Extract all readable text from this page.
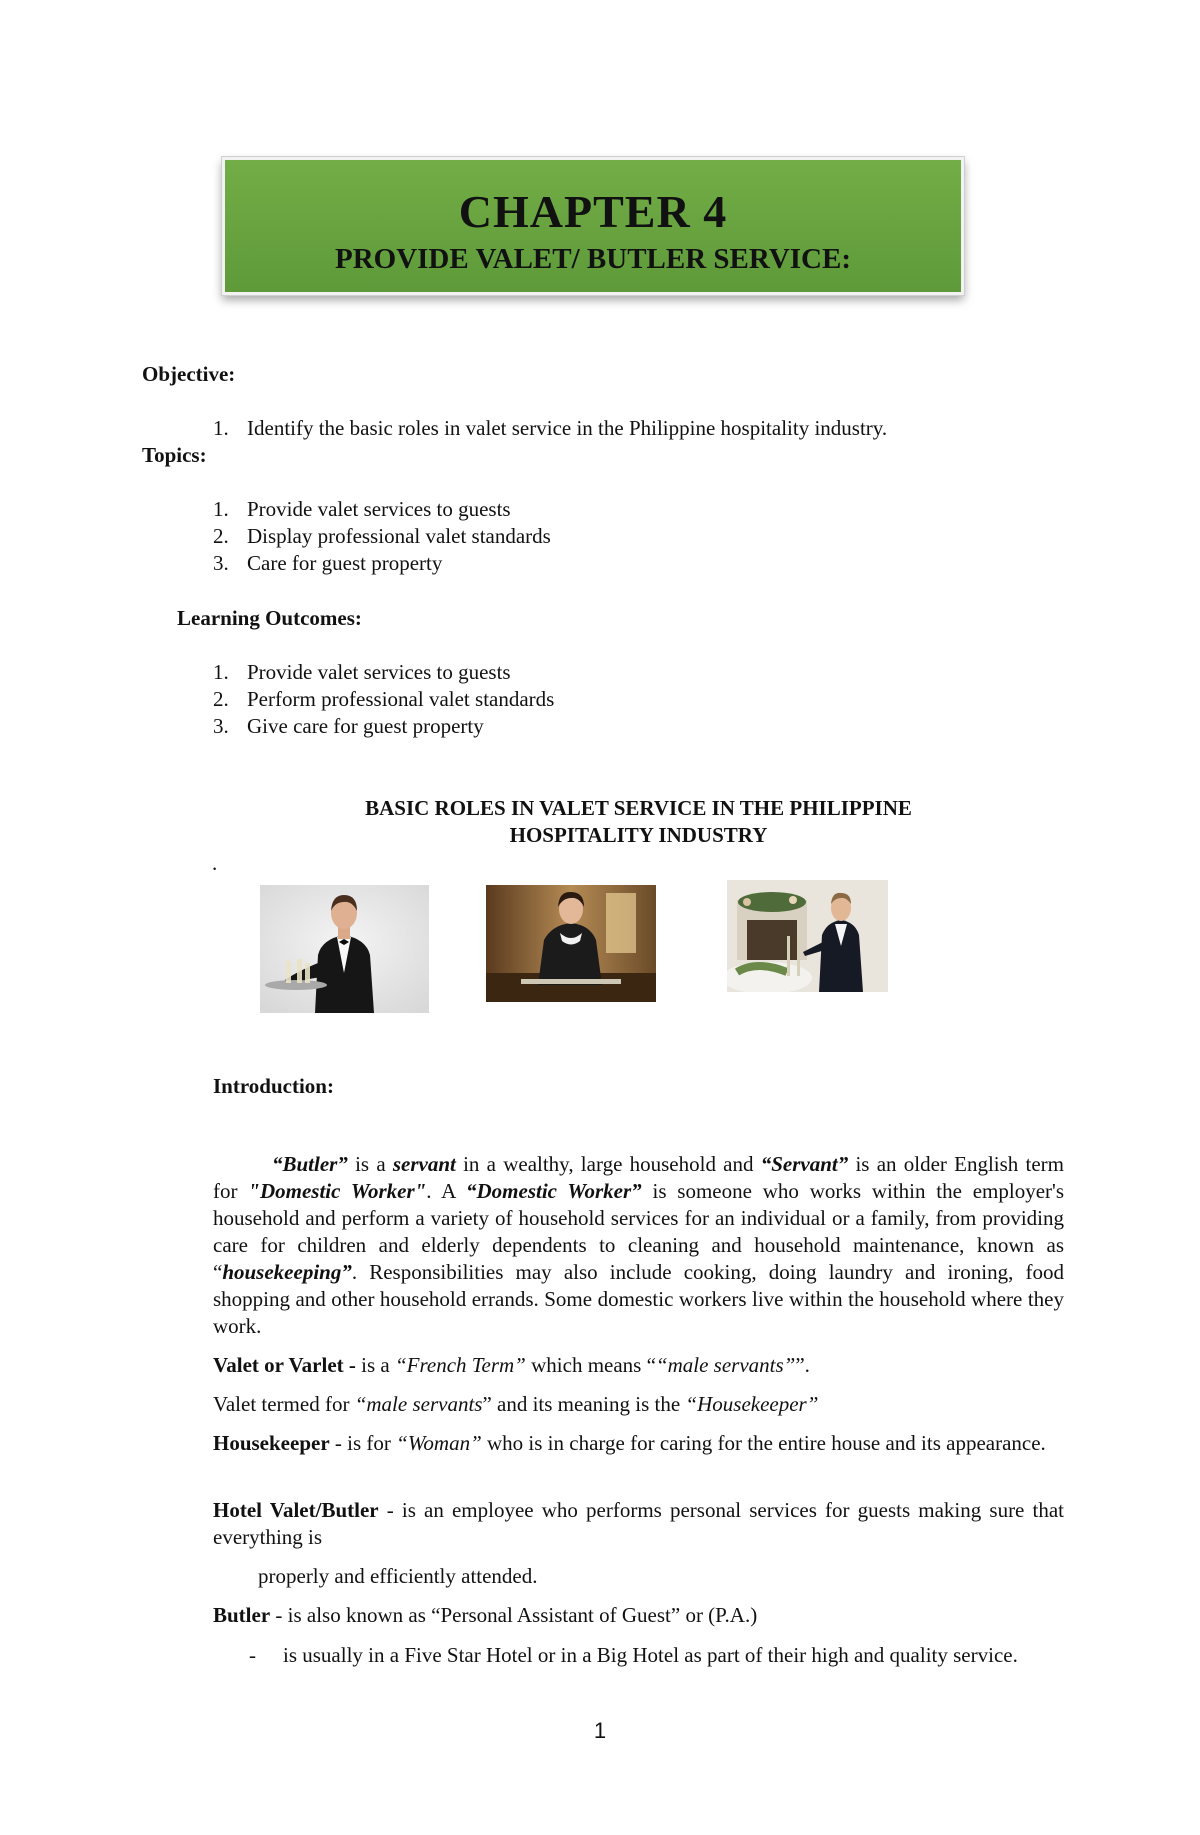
CHAPTER 4
PROVIDE VALET/ BUTLER SERVICE:
Objective:
1. Identify the basic roles in valet service in the Philippine hospitality industry.
Topics:
1. Provide valet services to guests
2. Display professional valet standards
3. Care for guest property
Learning Outcomes:
1. Provide valet services to guests
2. Perform professional valet standards
3. Give care for guest property
BASIC ROLES IN VALET SERVICE IN THE PHILIPPINE
HOSPITALITY INDUSTRY
.
Introduction:

“Butler” is a servant in a wealthy, large household and “Servant” is an older English term for "Domestic Worker". A “Domestic Worker” is someone who works within the employer's household and perform a variety of household services for an individual or a family, from providing care for children and elderly dependents to cleaning and household maintenance, known as “housekeeping”. Responsibilities may also include cooking, doing laundry and ironing, food shopping and other household errands. Some domestic workers live within the household where they work.

Valet or Varlet - is a “French Term” which means ““male servants””.

Valet termed for “male servants” and its meaning is the “Housekeeper”

Housekeeper - is for “Woman” who is in charge for caring for the entire house and its appearance.

Hotel Valet/Butler - is an employee who performs personal services for guests making sure that everything is

properly and efficiently attended.

Butler - is also known as “Personal Assistant of Guest” or (P.A.)

- is usually in a Five Star Hotel or in a Big Hotel as part of their high and quality service.
1
